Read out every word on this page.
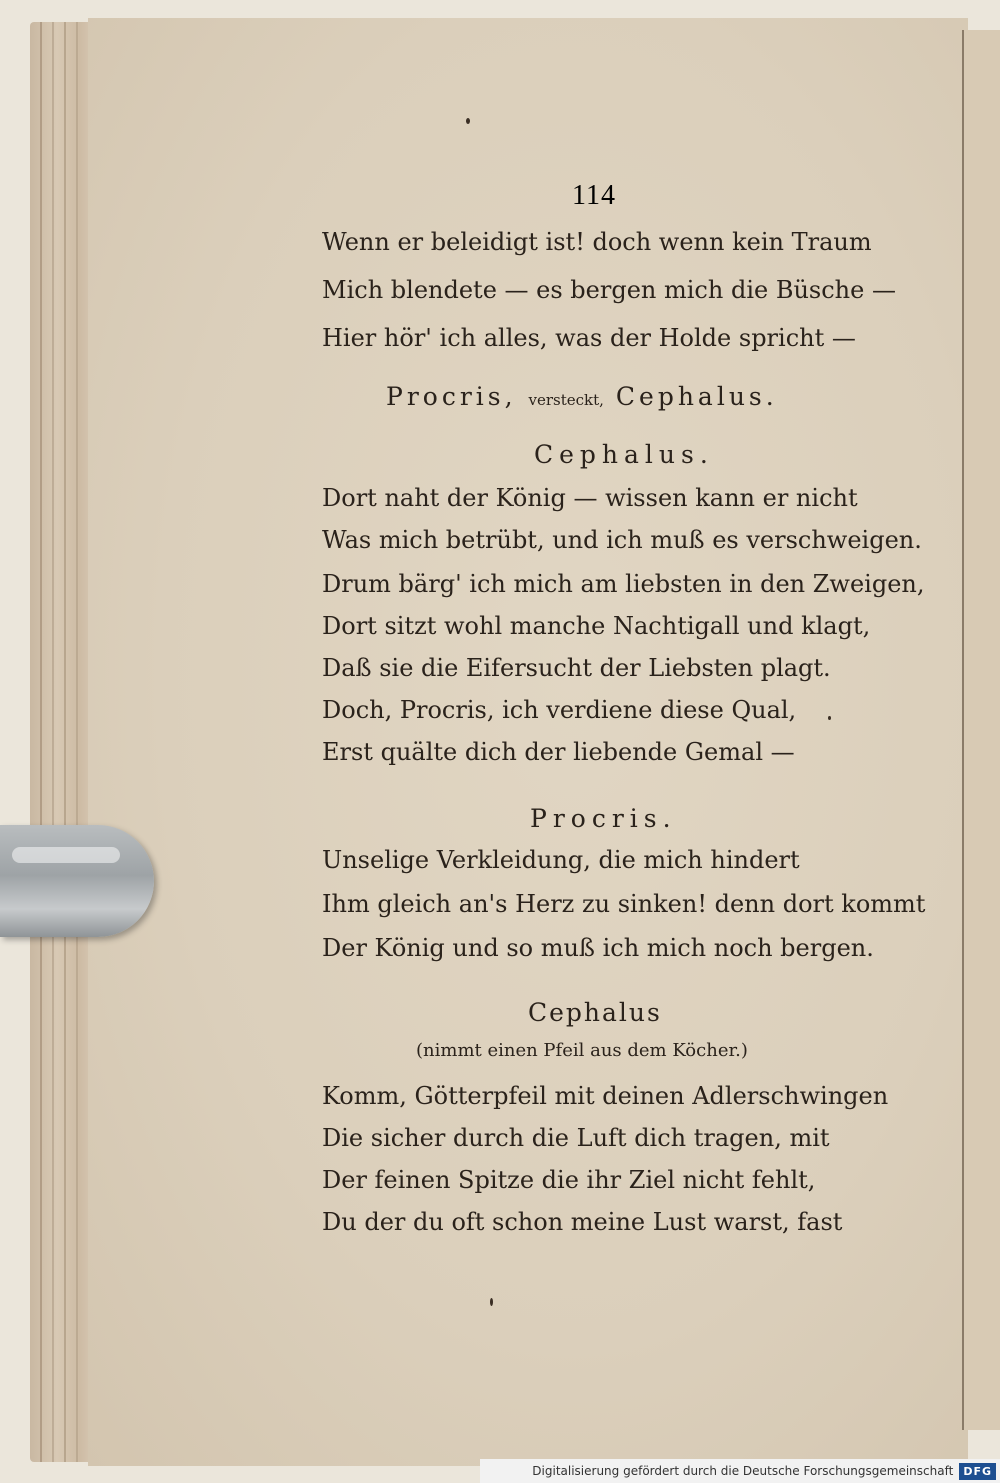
114
Wenn er beleidigt ist! doch wenn kein Traum
Mich blendete — es bergen mich die Büsche —
Hier hör' ich alles, was der Holde spricht —
Procris, versteckt, Cephalus.
Cephalus.
Dort naht der König — wissen kann er nicht
Was mich betrübt, und ich muß es verschweigen.
Drum bärg' ich mich am liebsten in den Zweigen,
Dort sitzt wohl manche Nachtigall und klagt,
Daß sie die Eifersucht der Liebsten plagt.
Doch, Procris, ich verdiene diese Qual,
Erst quälte dich der liebende Gemal —
Procris.
Unselige Verkleidung, die mich hindert
Ihm gleich an's Herz zu sinken! denn dort kommt
Der König und so muß ich mich noch bergen.
Cephalus
(nimmt einen Pfeil aus dem Köcher.)
Komm, Götterpfeil mit deinen Adlerschwingen
Die sicher durch die Luft dich tragen, mit
Der feinen Spitze die ihr Ziel nicht fehlt,
Du der du oft schon meine Lust warst, fast
Digitalisierung gefördert durch die Deutsche Forschungsgemeinschaft DFG
